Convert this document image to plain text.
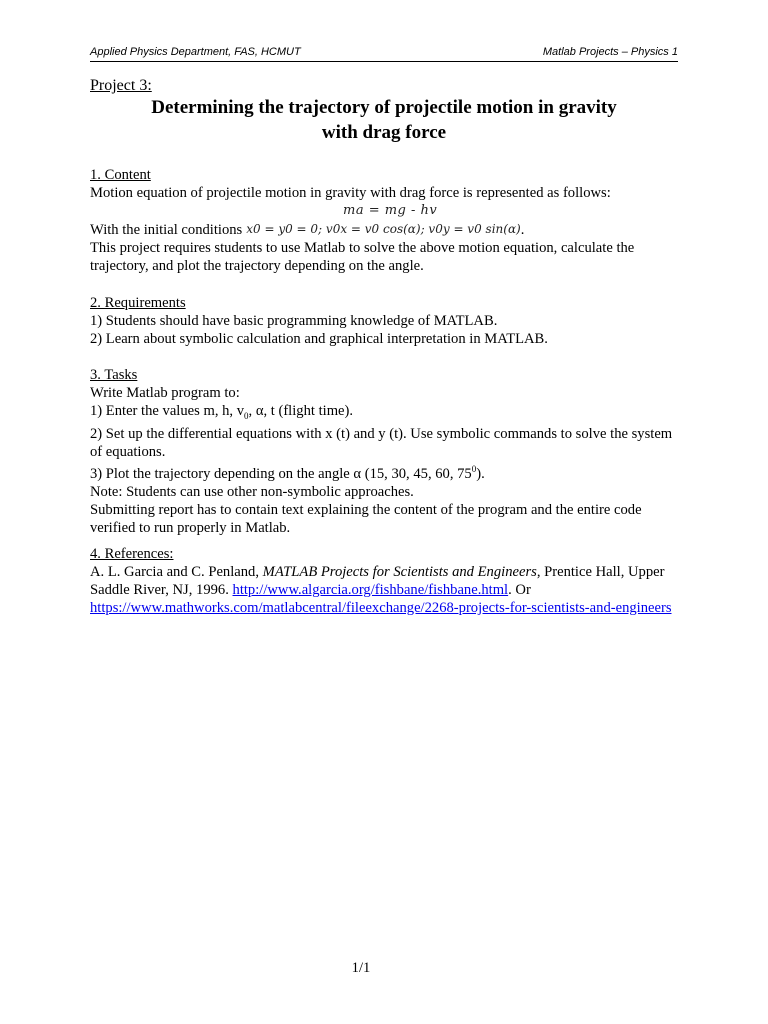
Applied Physics Department, FAS, HCMUT	Matlab Projects – Physics 1
Project 3:
Determining the trajectory of projectile motion in gravity
with drag force
1. Content
Motion equation of projectile motion in gravity with drag force is represented as follows:
ma = mg - hv
With the initial conditions x0 = y0 = 0; v0x = v0 cos(α); v0y = v0 sin(α).
This project requires students to use Matlab to solve the above motion equation, calculate the trajectory, and plot the trajectory depending on the angle.
2. Requirements
1) Students should have basic programming knowledge of MATLAB.
2) Learn about symbolic calculation and graphical interpretation in MATLAB.
3. Tasks
Write Matlab program to:
1) Enter the values m, h, $v_0$, α, t (flight time).
2) Set up the differential equations with x (t) and y (t). Use symbolic commands to solve the system of equations.
3) Plot the trajectory depending on the angle α (15, 30, 45, 60, $75^0$).
Note: Students can use other non-symbolic approaches.
Submitting report has to contain text explaining the content of the program and the entire code verified to run properly in Matlab.
4. References:
A. L. Garcia and C. Penland, MATLAB Projects for Scientists and Engineers, Prentice Hall, Upper Saddle River, NJ, 1996. http://www.algarcia.org/fishbane/fishbane.html. Or
https://www.mathworks.com/matlabcentral/fileexchange/2268-projects-for-scientists-and-engineers
1/1
